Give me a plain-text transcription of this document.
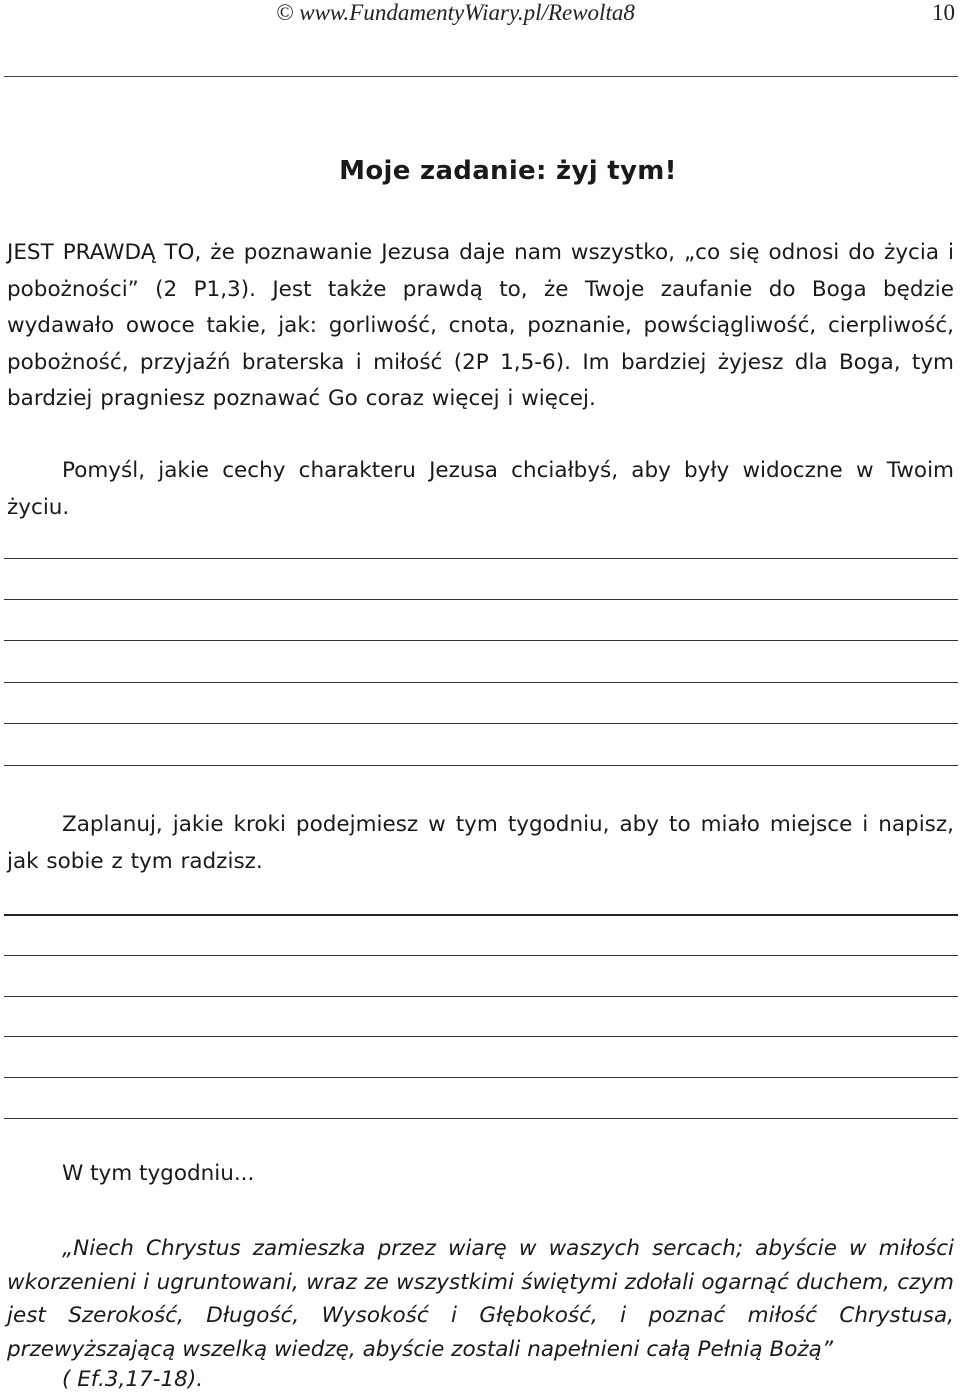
© www.FundamentyWiary.pl/Rewolta8	10
Moje zadanie: żyj tym!
JEST PRAWDĄ TO, że poznawanie Jezusa daje nam wszystko, „co się odnosi do życia i pobożności” (2 P1,3). Jest także prawdą to, że Twoje zaufanie do Boga będzie wydawało owoce takie, jak: gorliwość, cnota, poznanie, powściągliwość, cierpliwość, pobożność, przyjaźń braterska i miłość (2P 1,5-6). Im bardziej żyjesz dla Boga, tym bardziej pragniesz poznawać Go coraz więcej i więcej.
Pomyśl, jakie cechy charakteru Jezusa chciałbyś, aby były widoczne w Twoim życiu.
Zaplanuj, jakie kroki podejmiesz w tym tygodniu, aby to miało miejsce i napisz, jak sobie z tym radzisz.
W tym tygodniu...
„Niech Chrystus zamieszka przez wiarę w waszych sercach; abyście w miłości wkorzenieni i ugruntowani, wraz ze wszystkimi świętymi zdołali ogarnąć duchem, czym jest Szerokość, Długość, Wysokość i Głębokość, i poznać miłość Chrystusa, przewyższającą wszelką wiedzę, abyście zostali napełnieni całą Pełnią Bożą”
( Ef.3,17-18).
